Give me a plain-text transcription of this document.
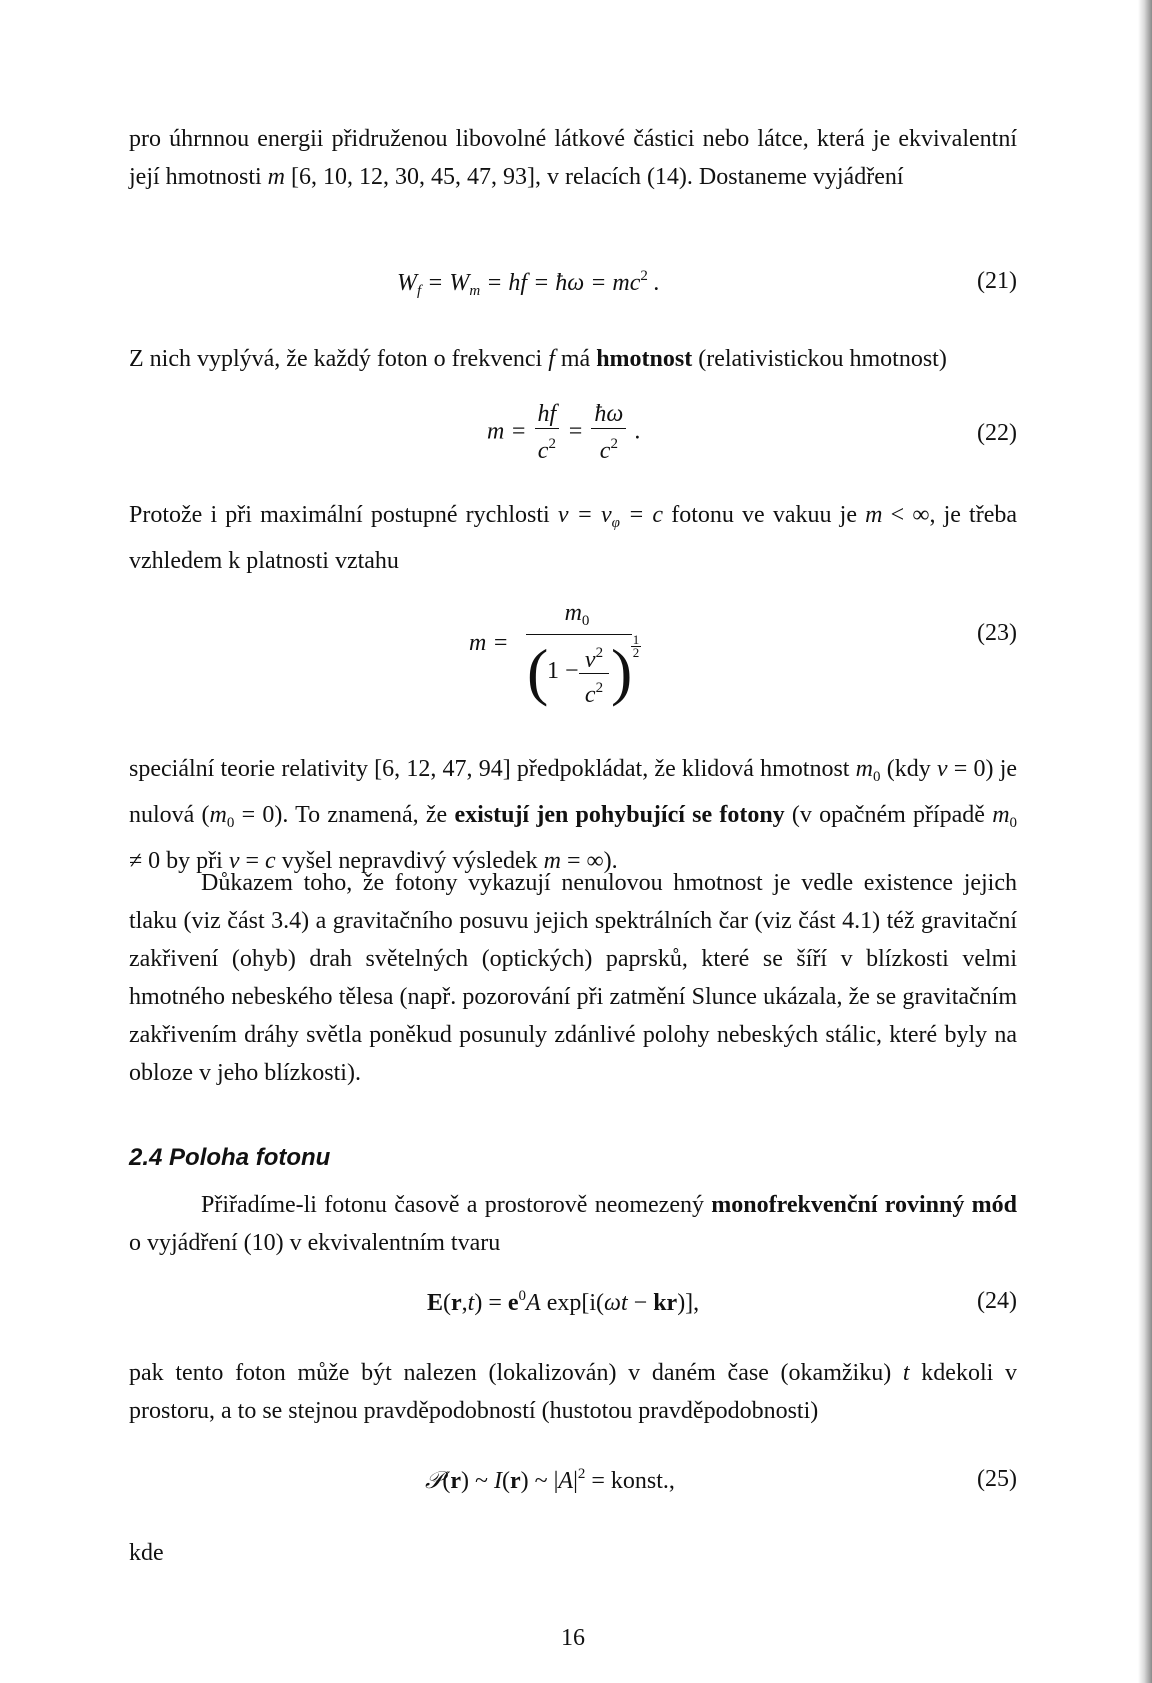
pro úhrnnou energii přidruženou libovolné látkové částici nebo látce, která je ekvivalentní její hmotnosti m [6, 10, 12, 30, 45, 47, 93], v relacích (14). Dostaneme vyjádření
$W_f = W_m$ = hf = ħω = $mc^2$ .	(21)
Z nich vyplývá, že každý foton o frekvenci f má hmotnost (relativistickou hmotnost)
$m = \frac{hf}{c^2} = \frac{ħ\omega}{c^2}$ .	(22)
Protože i při maximální postupné rychlosti $v = v_\varphi = c$ fotonu ve vakuu je m < ∞, je třeba vzhledem k platnosti vztahu
m =
$m_0$
(
$1 - v^2$
$c^2$ ) 1
2
(23)
speciální teorie relativity [6, 12, 47, 94] předpokládat, že klidová hmotnost $m_0$ (kdy v = 0) je nulová $(m_0 = 0)$. To znamená, že existují jen pohybující se fotony (v opačném případě $m_0 \ne 0$ by při v = c vyšel nepravdivý výsledek m = ∞).
Důkazem toho, že fotony vykazují nenulovou hmotnost je vedle existence jejich tlaku (viz část 3.4) a gravitačního posuvu jejich spektrálních čar (viz část 4.1) též gravitační zakřivení (ohyb) drah světelných (optických) paprsků, které se šíří v blízkosti velmi hmotného nebeského tělesa (např. pozorování při zatmění Slunce ukázala, že se gravitačním zakřivením dráhy světla poněkud posunuly zdánlivé polohy nebeských stálic, které byly na obloze v jeho blízkosti).
2.4 Poloha fotonu
Přiřadíme-li fotonu časově a prostorově neomezený monofrekvenční rovinný mód o vyjádření (10) v ekvivalentním tvaru
$E(r,t) = e^0A$ exp[i(ωt − kr)],	(24)
pak tento foton může být nalezen (lokalizován) v daném čase (okamžiku) t kdekoli v prostoru, a to se stejnou pravděpodobností (hustotou pravděpodobnosti)
𝒫(r) ~ I(r) ~ $|A|^2$ = konst.,	(25)
kde
16
